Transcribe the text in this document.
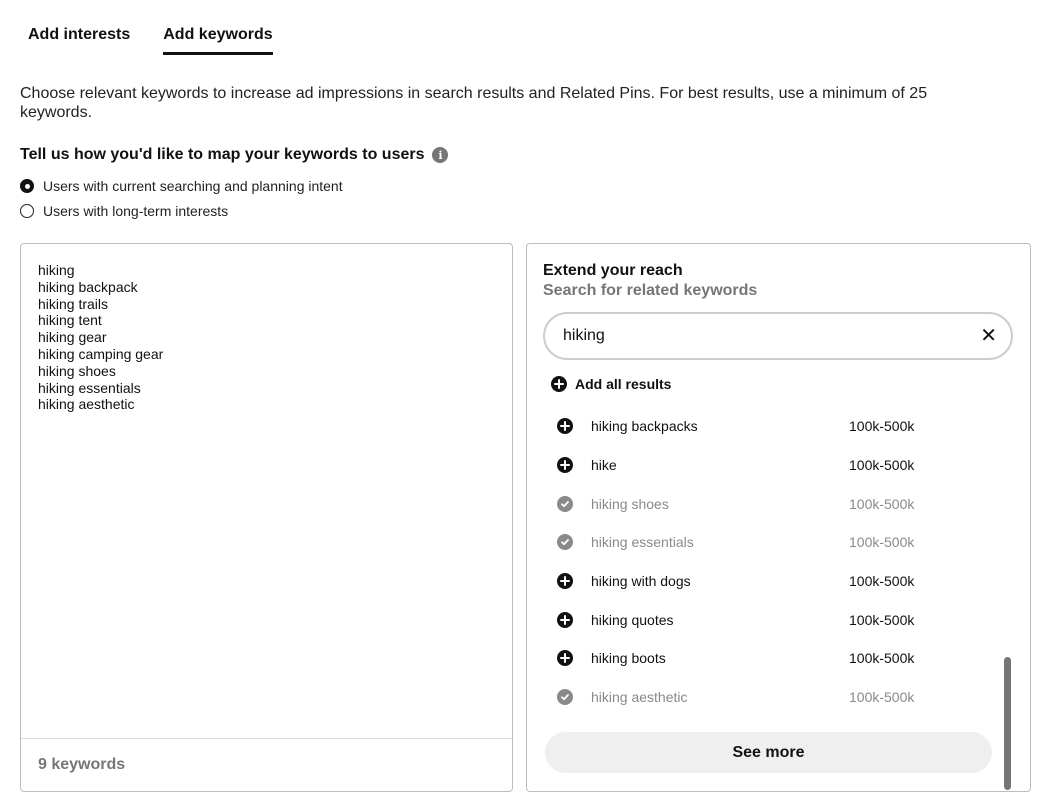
Add interests Add keywords
Choose relevant keywords to increase ad impressions in search results and Related Pins. For best results, use a minimum of 25 keywords.
Tell us how you'd like to map your keywords to users	i
Users with current searching and planning intent
Users with long-term interests
hiking
hiking backpack
hiking trails
hiking tent
hiking gear
hiking camping gear
hiking shoes
hiking essentials
hiking aesthetic
9 keywords
Extend your reach
Search for related keywords
hiking
✕
Add all results
hiking backpacks	100k-500k
hike	100k-500k
hiking shoes	100k-500k
hiking essentials	100k-500k
hiking with dogs	100k-500k
hiking quotes	100k-500k
hiking boots	100k-500k
hiking aesthetic	100k-500k
See more
